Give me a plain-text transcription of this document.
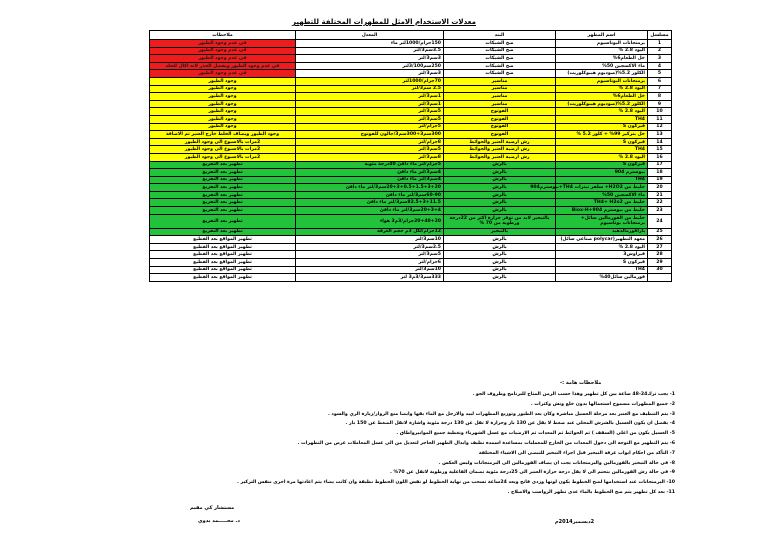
معدلات الاستخدام الامثل للمطهرات المختلفة للتطهير
مسلسل	اسم المطهر	البند	المعدل	ملاحظات
1	برمنجانات البوتاسيوم	ضخ الشبكات	150جرام/1000لتر ماء	في عدم وجود الطيور
2	اليود 2.8 %	ضخ الشبكات	3.5سم3/لتر	في عدم وجود الطيور
3	خل الطعام6%	ضخ الشبكات	3سم3/لتر	في عدم وجود الطيور
4	ماء الاكسجين 50%	ضخ الشبكات	250سم3/100لتر	في عدم وجود الطيور ويفضل الحذر لانه اكال للجلد
5	الكلور 5.2%(صوديوم هيبوكلوريت)	ضخ الشبكات	3سم3/لتر	في عدم وجود الطيور
6	برمنجانات البوتاسيوم	مناسير	70جرام/1000لتر	وجود الطيور
7	اليود 2.8 %	مناسير	2.5 سم3/لتر	وجود الطيور
8	خل الطعام6%	مناسير	1سم3/لتر	وجود الطيور
9	الكلور 5.2%(صوديوم هيبوكلوريت)	مناسير	1سم3/لتر	وجود الطيور
10	اليود 2.8 %	الفوتوج	5سم3/لتر	وجود الطيور
11	TH4	الفوتوج	5سم3/لتر	وجود الطيور
12	فيركون S	الفوتوج	5جرام/لتر	وجود الطيور
13	خل بتركيز 99% + كلور 5.2 %	الفوتوج	300سم3+300سم3/جالون للفوتوج	وجود الطيور ويضاف الخلط خارج العنبر ثم الاضافة
14	فيركون S	رش ارضية العنبر والحوائط	8جرام/لتر	2مرات بالاسبوع الى وجود الطيور
15	TH4	رش ارضية العنبر والحوائط	5سم3/لتر	2مرات بالاسبوع الى وجود الطيور
16	اليود 2.8 %	رش ارضية العنبر والحوائط	8سم3/لتر	2مرات بالاسبوع الى وجود الطيور
17	فيركون S	بالرش	5جرام/لتر ماء دافئ 40درجة مئوية	تطهير بعد التفريغ
18	بيوسترم 904	بالرش	4سم3/لتر ماء دافئ	تطهير بعد التفريغ
19	TH4	بالرش	4سم3/لتر ماء دافئ	تطهير بعد التفريغ
20	خليط من H2O2+ سلفر نيترات TH4+بيوسترم904	بالرش	20+3+0.5+1.5+3+20سم3/لتر ماء دافئ	تطهير بعد التفريغ
21	ماء الاكسجين 50%	بالرش	60-90سم3/لتر ماء دافئ	تطهير بعد التفريغ
22	خليط من TH4+ H2o2	بالرش	82.5+3+11.5سم3/لتر ماء دافئ	تطهير بعد التفريغ
23	خليط من بيوسترم Biox-H+904	بالرش	20+3+4سم3/لتر ماء دافئ	تطهير بعد التفريغ
24	خليط من الفورمالين سائل+ برمنجانات بوتاسيوم	بالتبخير لابد من توفر حرارة اكثر من 22درجة ورطوبة من 70 %	20+40+20جرام/3م3 هواء	تطهير بعد التفريغ
25	بارافورمالدهيد	بالتبخير	12جرام/لكل 3م حجم الغرفة	تطهير بعد التفريغ
26	معهد التطهير(polycar صناعي سائل)	بالرش	10سم3/لتر	تطهير المواقع بعد القطيع
27	اليود 2.8 %	بالرش	2.5سم3/لتر	تطهير المواقع بعد القطيع
28	فيراوس3	بالرش	5سم3/لتر	تطهير المواقع بعد القطيع
29	فيركون S	بالرش	6جرام/لتر	تطهير المواقع بعد القطيع
30	TH4	بالرش	10سم3/لتر	تطهير المواقع بعد القطيع
	فورمالين سائل40%	بالرش	333سم3/3م3 لتر	تطهير المواقع بعد القطيع
ملاحظات هامة :-
1- يجب ترك24-48 ساعة بين كل تطهير وهذا حسب الزمن المتاح للبرنامج وظروف الجو .
2- جميع المطهرات مسموح استعمالها بدون خلع ونش وكثرات .
3- يتم التنظيف مع العنبر بعد مرحلة الغسيل مباشرة وكان بعد الطيور وتوزيع المطهرات لبيد والارجل مع الماء بقها وايضا منع الزوار/زيارة الزي والسود .
4- يفضل ان يكون الغسيل بالشرش المحلي عند ضغط لا يقل عن 130 بار وحرارة لا تقل عن 130 درجة مئوية واشارة لانقل الضغط عن 150 بار .
5- الغسيل يكون من اعلى (السقف ) ثم الحوائط ثم المعدات ثم الارضيات مع غسل الشهرباء وتغطية جميع الموابيرواطاق .
6- يتم التطهير مع التوجه الى دخول المعدات من الخارج للمعملبات بمساعدة اسمدة نظيف وابدال الطهير الحاجز لتعديل من الى غسل المعاملات غرض من التطهرات .
7- التأكد من احكام ابواب غرفة التبخير قبل اجراء التبخير للتبضى الى الاشياء المختلفة
8- في حالة التبخير بالفورمالين والبرمنجانات يجب ان يضاف الفورمالين الى البرمنجانات وليس العكس .
9- في حالة رش الفورمالين يتحتم الى لا يقل درجة حرارة العنبر الى 25درجة مئوية تضمان الفاعلية ورطوبة لاتقل عن 70% .
10- البرمنجانات عند استخدامها لضخ الخطوط يكون لونها وردى فاتح وبعد 24ساعة تسحب من نهاية الخطوط لو نفس اللون الخطوط نظيفة وان كانت يضاء يتم اعادتها مرة اخرى بنفس التركيز .
11- بعد كل تطهير يتم ضخ الخطوط بالماء عدى تطهر الرواسب والاصلاح .
مستشار كي مقيم
د. محـــــمد بدوي	2ديسمبر2014م
